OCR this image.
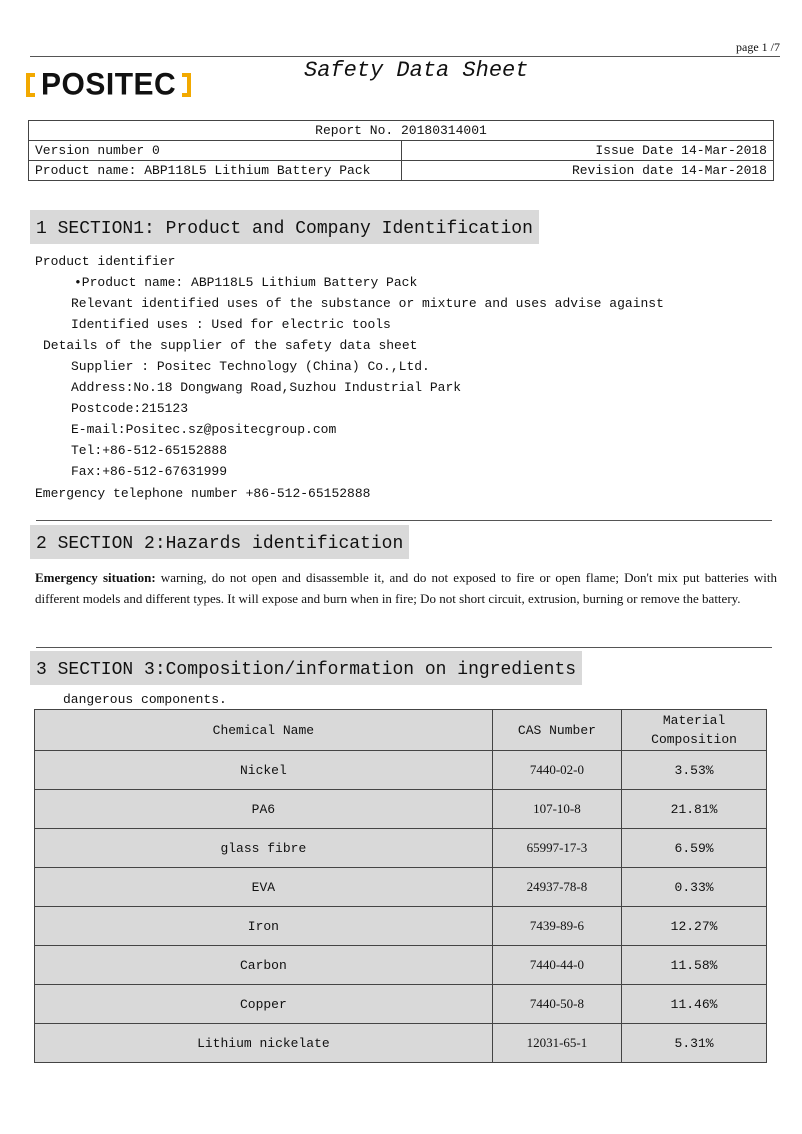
page 1 /7
POSITEC	Safety Data Sheet
Report No. 20180314001	
Version number 0	Issue Date 14-Mar-2018
Product name: ABP118L5 Lithium Battery Pack	Revision date 14-Mar-2018
1 SECTION1: Product and Company Identification
Product identifier
•Product name: ABP118L5 Lithium Battery Pack
Relevant identified uses of the substance or mixture and uses advise against
Identified uses : Used for electric tools
Details of the supplier of the safety data sheet
Supplier : Positec Technology (China) Co.,Ltd.
Address:No.18 Dongwang Road,Suzhou Industrial Park
Postcode:215123
E-mail:Positec.sz@positecgroup.com
Tel:+86-512-65152888
Fax:+86-512-67631999
Emergency telephone number +86-512-65152888
2 SECTION 2:Hazards identification
Emergency situation: warning, do not open and disassemble it, and do not exposed to fire or open flame; Don't mix put batteries with different models and different types. It will expose and burn when in fire; Do not short circuit, extrusion, burning or remove the battery.
3 SECTION 3:Composition/information on ingredients
dangerous components.
Chemical Name	CAS Number	Material Composition
Nickel	7440-02-0	3.53%
PA6	107-10-8	21.81%
glass fibre	65997-17-3	6.59%
EVA	24937-78-8	0.33%
Iron	7439-89-6	12.27%
Carbon	7440-44-0	11.58%
Copper	7440-50-8	11.46%
Lithium nickelate	12031-65-1	5.31%
